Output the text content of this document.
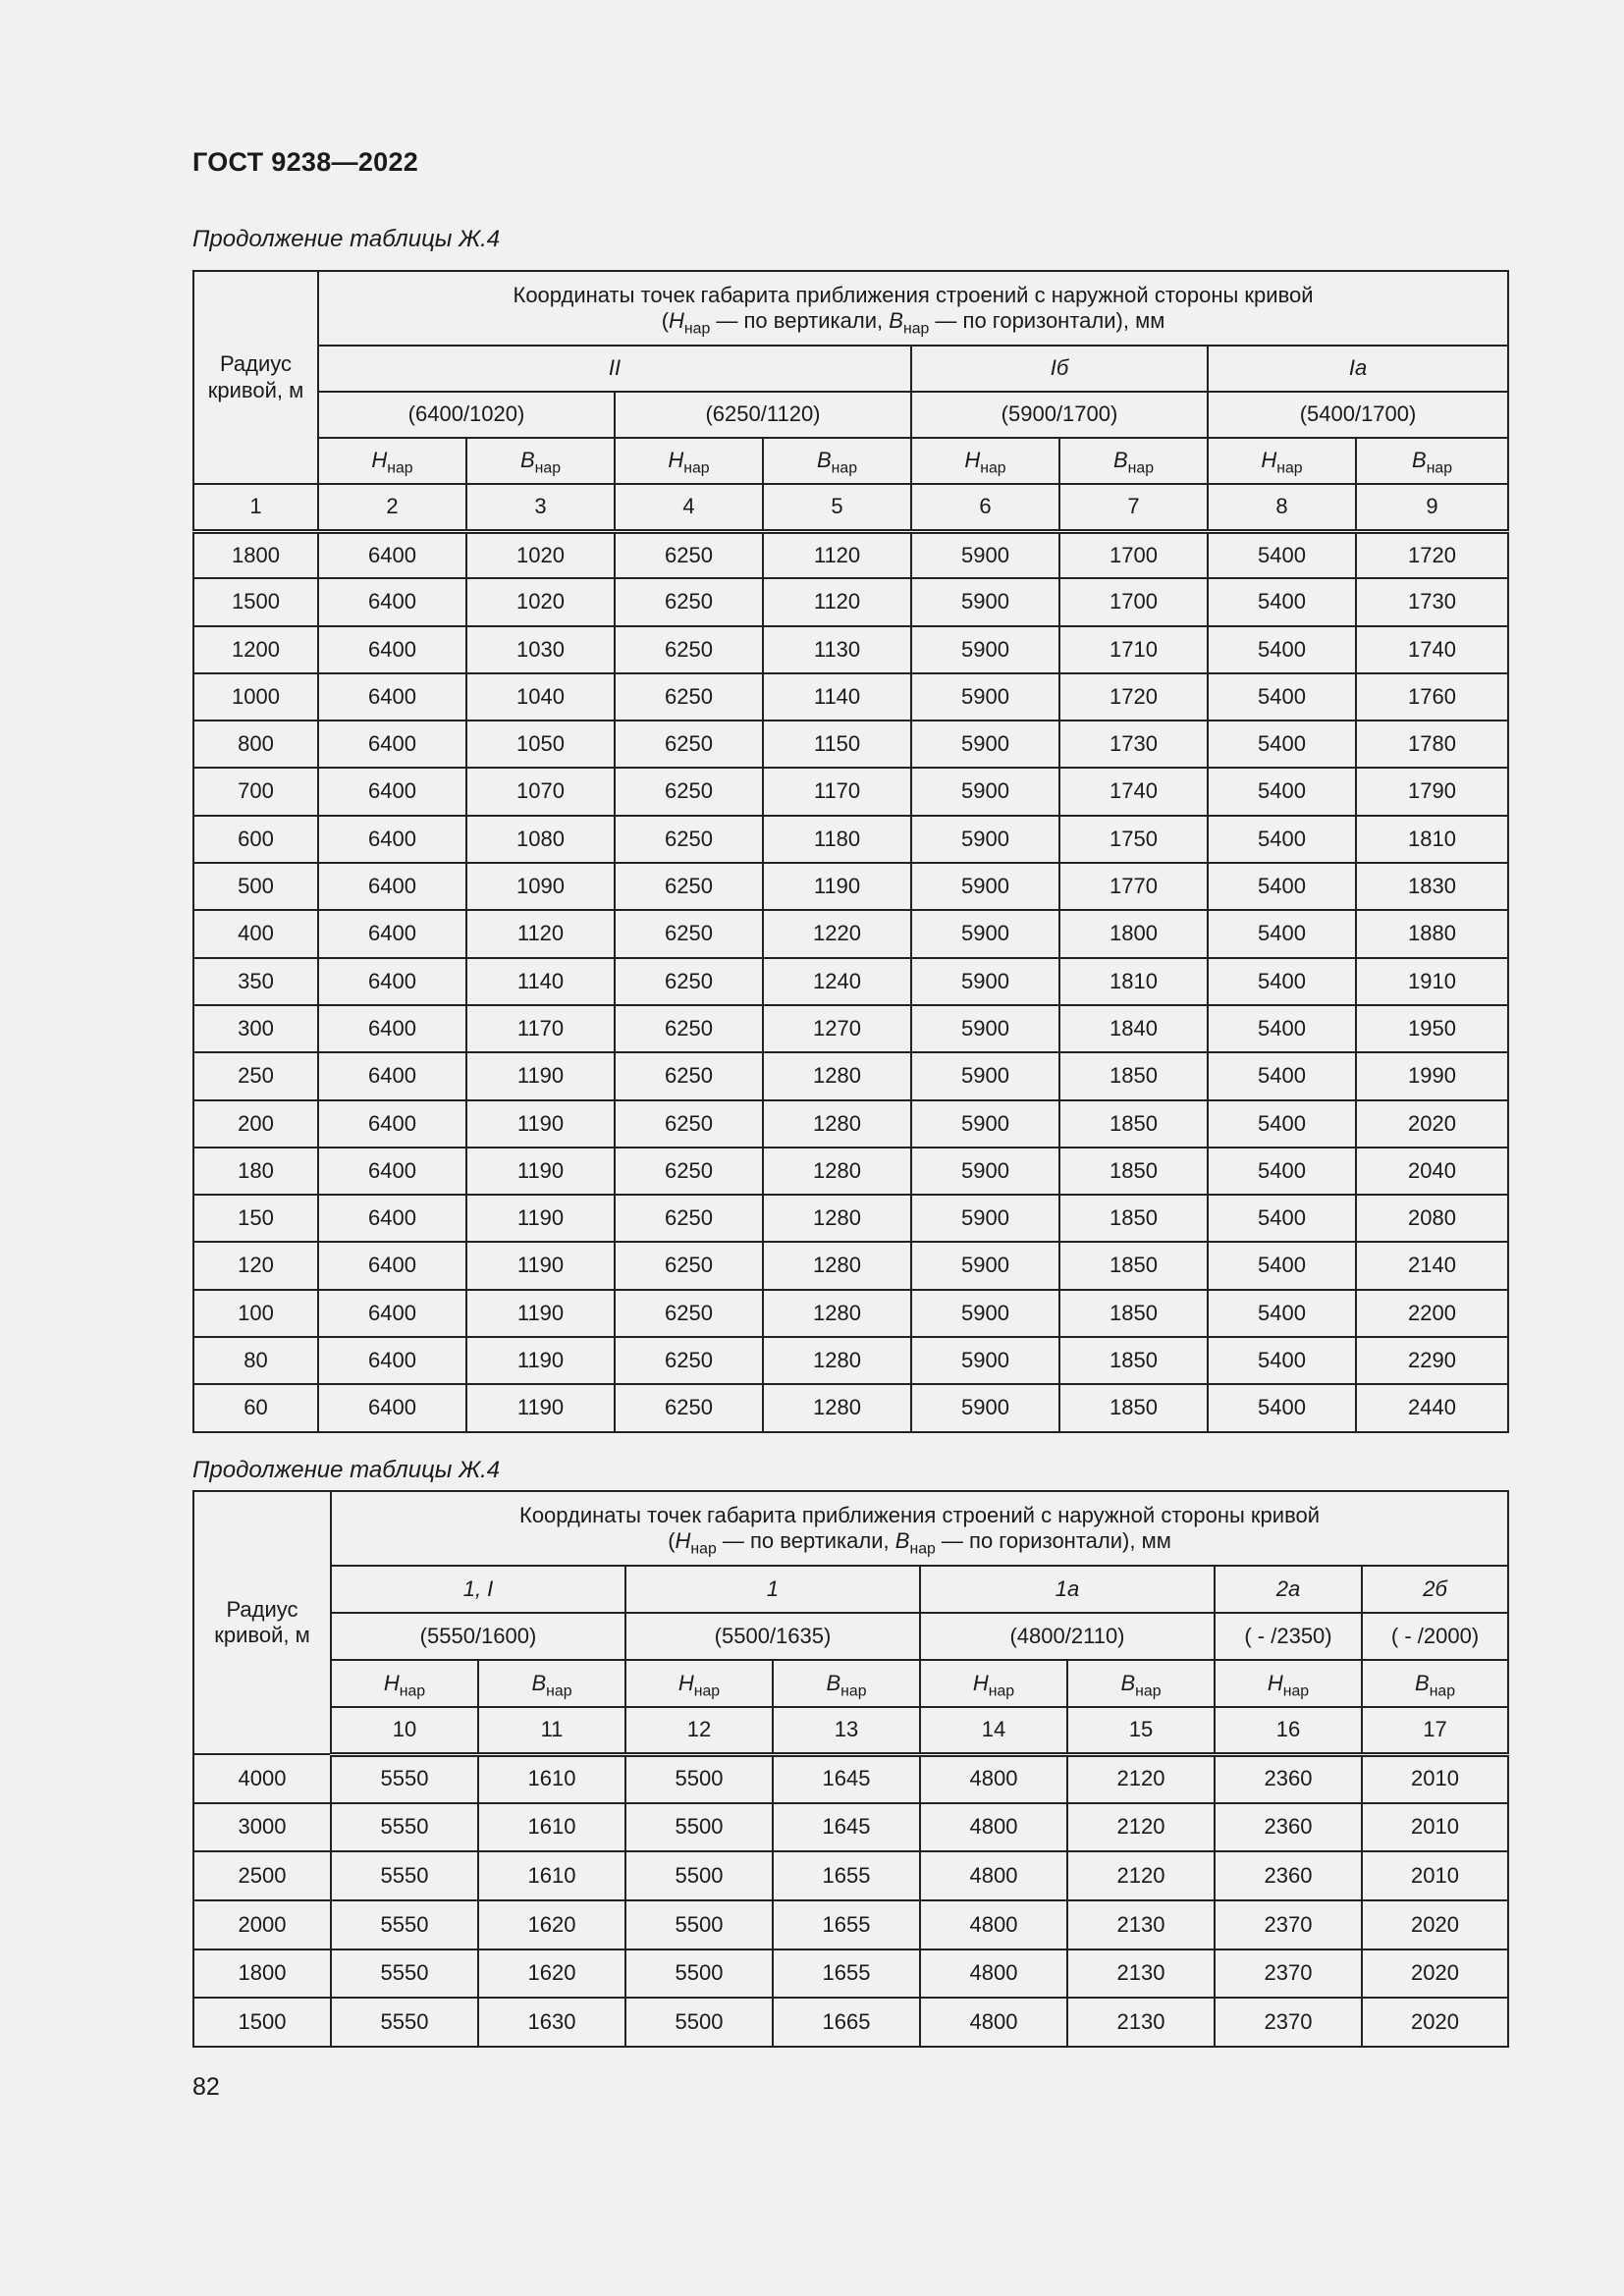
ГОСТ 9238—2022
Продолжение таблицы Ж.4
Радиус кривой, м	Координаты точек габарита приближения строений с наружной стороны кривой
($H_{нар}$ — по вертикали, $B_{нар}$ — по горизонтали), мм							
	II				Iб		Ia	
	(6400/1020)		(6250/1120)		(5900/1700)		(5400/1700)	
	$H_{нар}$	$B_{нар}$	$H_{нар}$	$B_{нар}$	$H_{нар}$	$B_{нар}$	$H_{нар}$	$B_{нар}$
1	2	3	4	5	6	7	8	9
1800	6400	1020	6250	1120	5900	1700	5400	1720
1500	6400	1020	6250	1120	5900	1700	5400	1730
1200	6400	1030	6250	1130	5900	1710	5400	1740
1000	6400	1040	6250	1140	5900	1720	5400	1760
800	6400	1050	6250	1150	5900	1730	5400	1780
700	6400	1070	6250	1170	5900	1740	5400	1790
600	6400	1080	6250	1180	5900	1750	5400	1810
500	6400	1090	6250	1190	5900	1770	5400	1830
400	6400	1120	6250	1220	5900	1800	5400	1880
350	6400	1140	6250	1240	5900	1810	5400	1910
300	6400	1170	6250	1270	5900	1840	5400	1950
250	6400	1190	6250	1280	5900	1850	5400	1990
200	6400	1190	6250	1280	5900	1850	5400	2020
180	6400	1190	6250	1280	5900	1850	5400	2040
150	6400	1190	6250	1280	5900	1850	5400	2080
120	6400	1190	6250	1280	5900	1850	5400	2140
100	6400	1190	6250	1280	5900	1850	5400	2200
80	6400	1190	6250	1280	5900	1850	5400	2290
60	6400	1190	6250	1280	5900	1850	5400	2440
Продолжение таблицы Ж.4
Радиус кривой, м	Координаты точек габарита приближения строений с наружной стороны кривой
($H_{нар}$ — по вертикали, $B_{нар}$ — по горизонтали), мм							
	1, I		1		1a		2a	2б
	(5550/1600)		(5500/1635)		(4800/2110)		( - /2350)	( - /2000)
	$H_{нар}$	$B_{нар}$	$H_{нар}$	$B_{нар}$	$H_{нар}$	$B_{нар}$	$H_{нар}$	$B_{нар}$
	10	11	12	13	14	15	16	17
4000	5550	1610	5500	1645	4800	2120	2360	2010
3000	5550	1610	5500	1645	4800	2120	2360	2010
2500	5550	1610	5500	1655	4800	2120	2360	2010
2000	5550	1620	5500	1655	4800	2130	2370	2020
1800	5550	1620	5500	1655	4800	2130	2370	2020
1500	5550	1630	5500	1665	4800	2130	2370	2020
82
